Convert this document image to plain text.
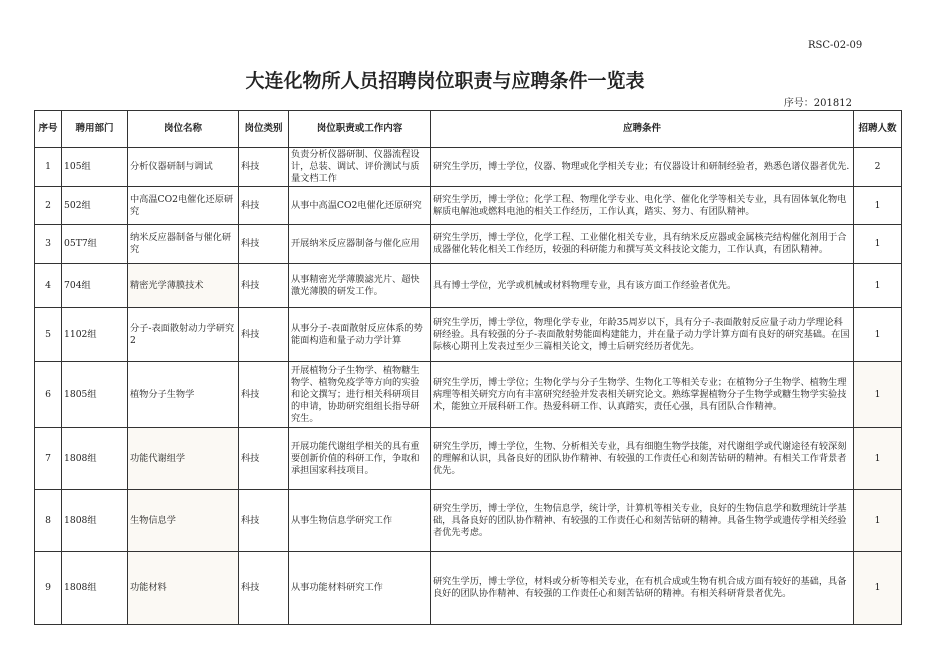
RSC-02-09
大连化物所人员招聘岗位职责与应聘条件一览表
序号：201812
序号	聘用部门	岗位名称	岗位类别	岗位职责或工作内容	应聘条件	招聘人数
1	105组	分析仪器研制与调试	科技	负责分析仪器研制、仪器流程设计，总装、调试、评价测试与质量文档工作	研究生学历，博士学位，仪器、物理或化学相关专业；有仪器设计和研制经验者，熟悉色谱仪器者优先.	2
2	502组	中高温CO2电催化还原研究	科技	从事中高温CO2电催化还原研究	研究生学历，博士学位；化学工程、物理化学专业、电化学、催化化学等相关专业，具有固体氧化物电解质电解池或燃料电池的相关工作经历，工作认真，踏实、努力、有团队精神。	1
3	05T7组	纳米反应器制备与催化研究	科技	开展纳米反应器制备与催化应用	研究生学历，博士学位，化学工程、工业催化相关专业，具有纳米反应器或金属核壳结构催化剂用于合成器催化转化相关工作经历，较强的科研能力和撰写英文科技论文能力，工作认真，有团队精神。	1
4	704组	精密光学薄膜技术	科技	从事精密光学薄膜滤光片、超快激光薄膜的研发工作。	具有博士学位，光学或机械或材料物理专业，具有该方面工作经验者优先。	1
5	1102组	分子-表面散射动力学研究2	科技	从事分子-表面散射反应体系的势能面构造和量子动力学计算	研究生学历，博士学位，物理化学专业，年龄35周岁以下，具有分子-表面散射反应量子动力学理论科研经验。具有较强的分子-表面散射势能面构建能力，并在量子动力学计算方面有良好的研究基础。在国际核心期刊上发表过至少三篇相关论文，博士后研究经历者优先。	1
6	1805组	植物分子生物学	科技	开展植物分子生物学、植物糖生物学、植物免疫学等方向的实验和论文撰写；进行相关科研项目的申请，协助研究组组长指导研究生。	研究生学历，博士学位；生物化学与分子生物学、生物化工等相关专业；在植物分子生物学、植物生理病理等相关研究方向有丰富研究经验并发表相关研究论文。熟练掌握植物分子生物学或糖生物学实验技术，能独立开展科研工作。热爱科研工作、认真踏实，责任心强，具有团队合作精神。	1
7	1808组	功能代谢组学	科技	开展功能代谢组学相关的具有重要创新价值的科研工作，争取和承担国家科技项目。	研究生学历，博士学位，生物、分析相关专业，具有细胞生物学技能，对代谢组学或代谢途径有较深刻的理解和认识，具备良好的团队协作精神、有较强的工作责任心和刻苦钻研的精神。有相关工作背景者优先。	1
8	1808组	生物信息学	科技	从事生物信息学研究工作	研究生学历，博士学位，生物信息学，统计学，计算机等相关专业，良好的生物信息学和数理统计学基础，具备良好的团队协作精神、有较强的工作责任心和刻苦钻研的精神。具备生物学或遗传学相关经验者优先考虑。	1
9	1808组	功能材料	科技	从事功能材料研究工作	研究生学历，博士学位，材料或分析等相关专业，在有机合成或生物有机合成方面有较好的基础，具备良好的团队协作精神、有较强的工作责任心和刻苦钻研的精神。有相关科研背景者优先。	1
